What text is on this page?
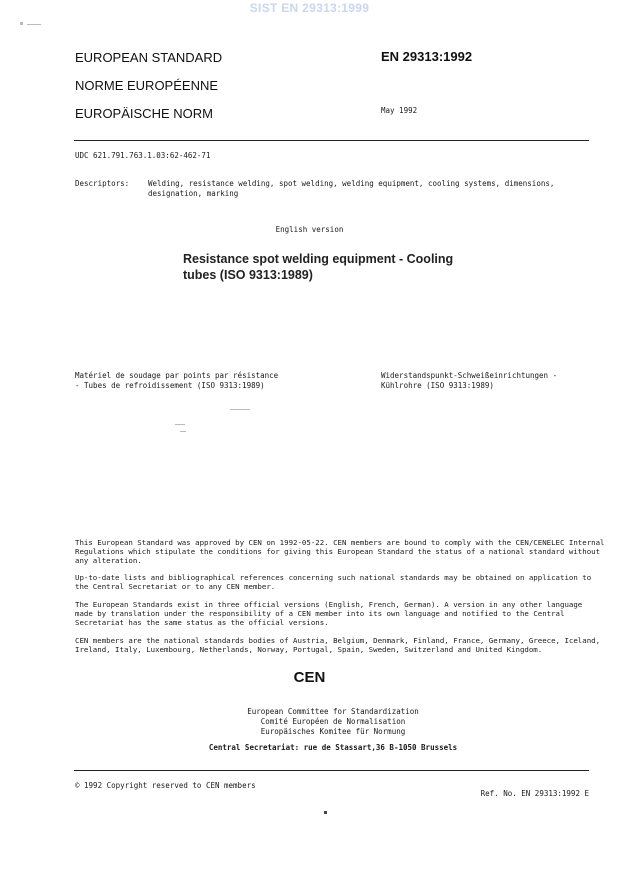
SIST EN 29313:1999
EUROPEAN STANDARD
NORME EUROPÉENNE
EUROPÄISCHE NORM
EN 29313:1992
May 1992
UDC 621.791.763.1.03:62-462-71
Descriptors:	Welding, resistance welding, spot welding, welding equipment, cooling systems, dimensions,
designation, marking
English version
Resistance spot welding equipment - Cooling
tubes (ISO 9313:1989)
Matériel de soudage par points par résistance
- Tubes de refroidissement (ISO 9313:1989)
Widerstandspunkt-Schweißeinrichtungen -
Kühlrohre (ISO 9313:1989)
This European Standard was approved by CEN on 1992-05-22. CEN members are bound to comply with the CEN/CENELEC Internal
Regulations which stipulate the conditions for giving this European Standard the status of a national standard without
any alteration.
Up-to-date lists and bibliographical references concerning such national standards may be obtained on application to
the Central Secretariat or to any CEN member.
The European Standards exist in three official versions (English, French, German). A version in any other language
made by translation under the responsibility of a CEN member into its own language and notified to the Central
Secretariat has the same status as the official versions.
CEN members are the national standards bodies of Austria, Belgium, Denmark, Finland, France, Germany, Greece, Iceland,
Ireland, Italy, Luxembourg, Netherlands, Norway, Portugal, Spain, Sweden, Switzerland and United Kingdom.
CEN
European Committee for Standardization
Comité Européen de Normalisation
Europäisches Komitee für Normung
Central Secretariat: rue de Stassart,36 B-1050 Brussels
© 1992 Copyright reserved to CEN members
Ref. No. EN 29313:1992 E
